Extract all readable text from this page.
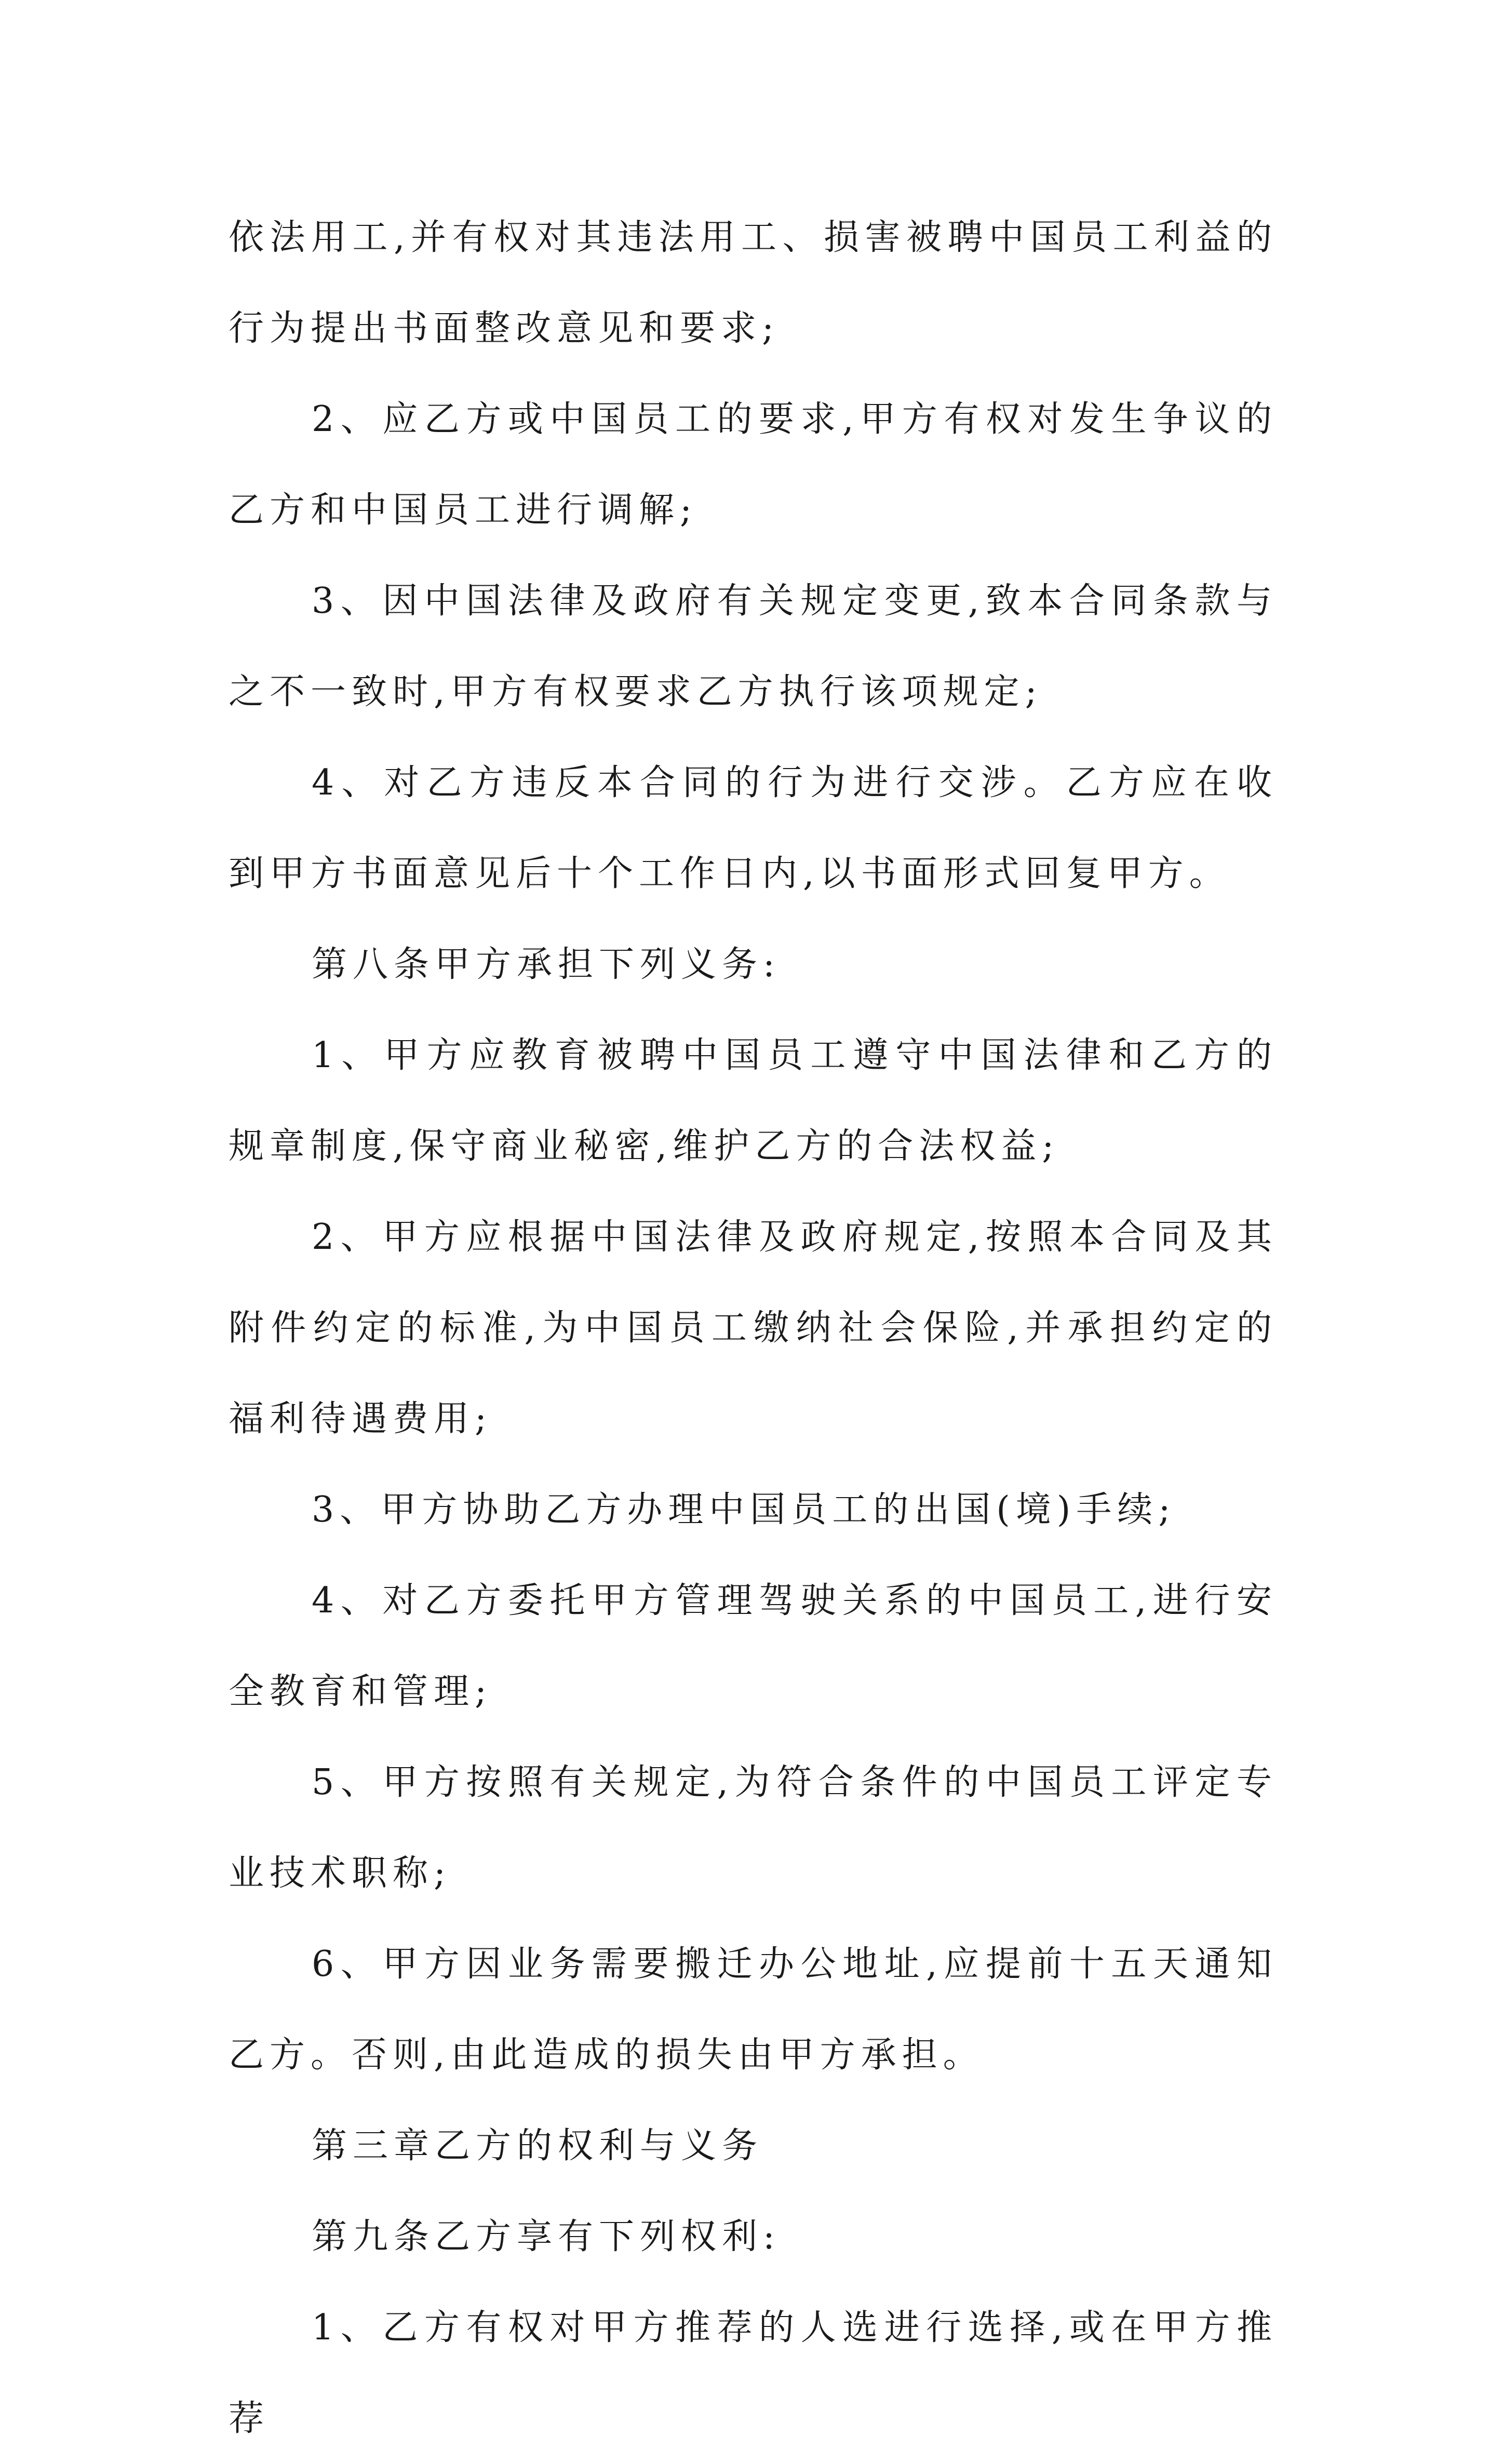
依法用工,并有权对其违法用工、损害被聘中国员工利益的行为提出书面整改意见和要求;

2、应乙方或中国员工的要求,甲方有权对发生争议的乙方和中国员工进行调解;

3、因中国法律及政府有关规定变更,致本合同条款与之不一致时,甲方有权要求乙方执行该项规定;

4、对乙方违反本合同的行为进行交涉。乙方应在收到甲方书面意见后十个工作日内,以书面形式回复甲方。

第八条甲方承担下列义务:

1、甲方应教育被聘中国员工遵守中国法律和乙方的规章制度,保守商业秘密,维护乙方的合法权益;

2、甲方应根据中国法律及政府规定,按照本合同及其附件约定的标准,为中国员工缴纳社会保险,并承担约定的福利待遇费用;

3、甲方协助乙方办理中国员工的出国(境)手续;

4、对乙方委托甲方管理驾驶关系的中国员工,进行安全教育和管理;

5、甲方按照有关规定,为符合条件的中国员工评定专业技术职称;

6、甲方因业务需要搬迁办公地址,应提前十五天通知乙方。否则,由此造成的损失由甲方承担。

第三章乙方的权利与义务

第九条乙方享有下列权利:

1、乙方有权对甲方推荐的人选进行选择,或在甲方推荐
